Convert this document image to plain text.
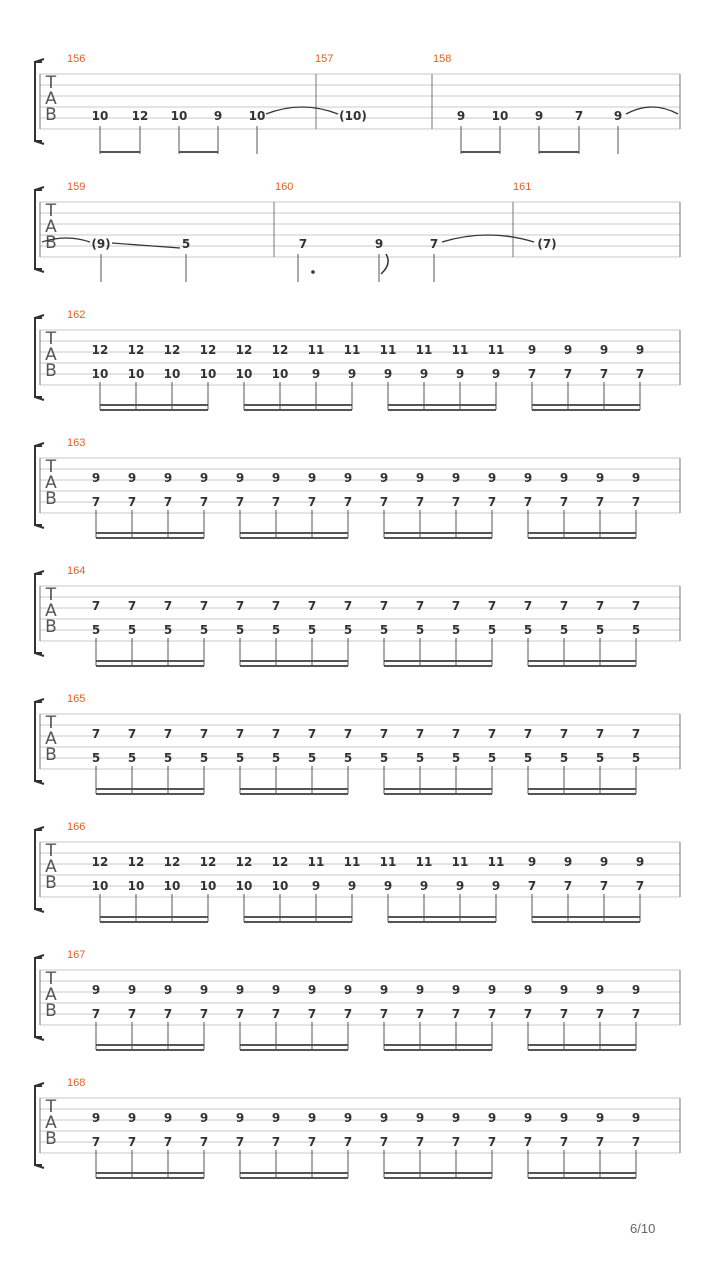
T
A
B
156	157	158
10 12 10 9 10	(10)	9 10 9	7	9
T
A
B
159	160	161
(9)	5	7	9	7	(7)
T
A
B
162
12 12 12 12 12 12 11 11 11 11 11 11 9 9 9 9
10 10 10 10 10 10 9 9 9 9 9 9 7 7 7 7
T
A
B
163
9 9 9 9 9 9 9 9 9 9 9 9 9 9 9 9
7 7 7 7 7 7 7 7 7 7 7 7 7 7 7 7
T
A
B
164
7 7 7 7 7 7 7 7 7 7 7 7 7 7 7 7
5 5 5 5 5 5 5 5 5 5 5 5 5 5 5 5
T
A
B
165
7 7 7 7 7 7 7 7 7 7 7 7 7 7 7 7
5 5 5 5 5 5 5 5 5 5 5 5 5 5 5 5
T
A
B
166
12 12 12 12 12 12 11 11 11 11 11 11 9 9 9 9
10 10 10 10 10 10 9 9 9 9 9 9 7 7 7 7
T
A
B
167
9 9 9 9 9 9 9 9 9 9 9 9 9 9 9 9
7 7 7 7 7 7 7 7 7 7 7 7 7 7 7 7
T
A
B
168
9 9 9 9 9 9 9 9 9 9 9 9 9 9 9 9
7 7 7 7 7 7 7 7 7 7 7 7 7 7 7 7
6/10
